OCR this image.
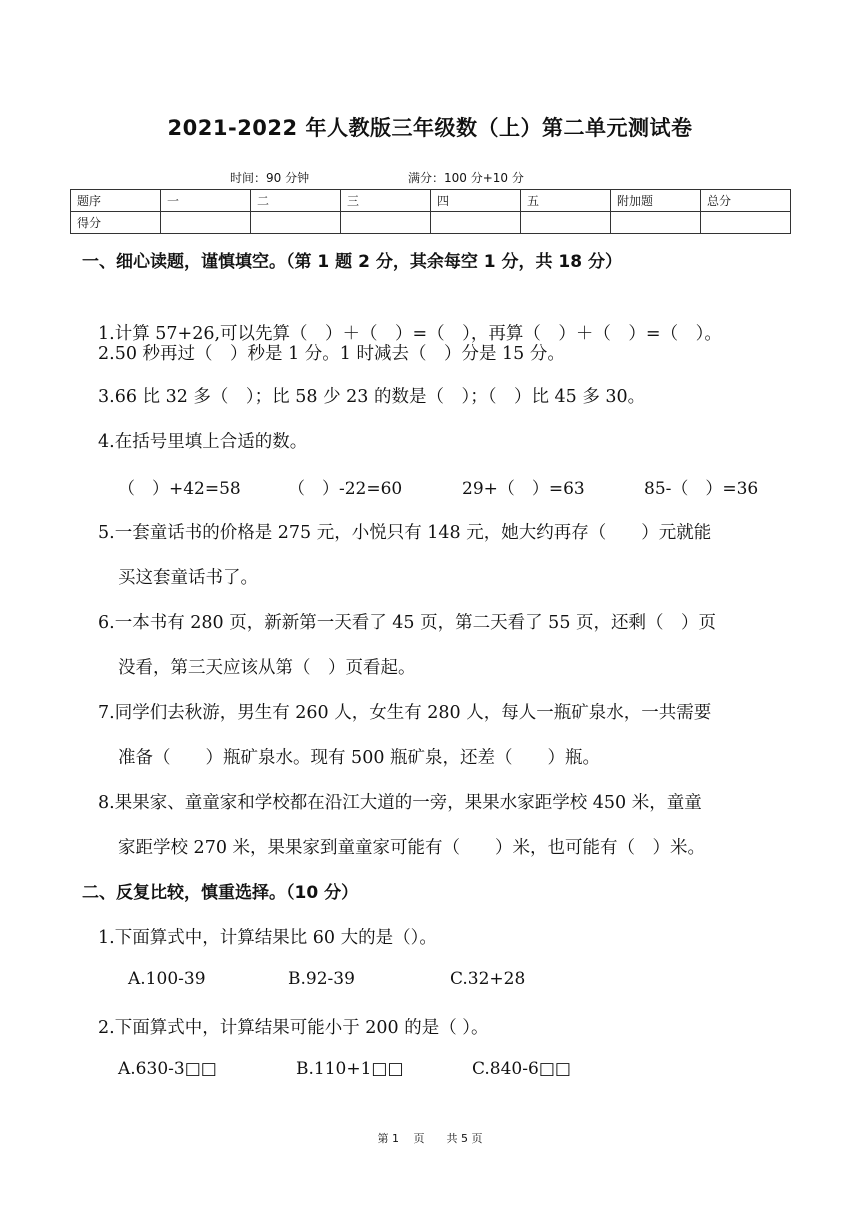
2021-2022 年人教版三年级数（上）第二单元测试卷
时间：90 分钟	满分：100 分+10 分
题序	一	二	三	四	五	附加题	总分
得分							
一、细心读题，谨慎填空。（第 1 题 2 分，其余每空 1 分，共 18 分）
1.计算 57+26,可以先算（　）＋（　）=（　），再算（　）＋（　）=（　）。
2.50 秒再过（　）秒是 1 分。1 时减去（　）分是 15 分。
3.66 比 32 多（　）；比 58 少 23 的数是（　）；（　）比 45 多 30。
4.在括号里填上合适的数。
（　）+42=58	（　）-22=60	29+（　）=63	85-（　）=36
5.一套童话书的价格是 275 元，小悦只有 148 元，她大约再存（　　）元就能
买这套童话书了。
6.一本书有 280 页，新新第一天看了 45 页，第二天看了 55 页，还剩（　）页
没看，第三天应该从第（　）页看起。
7.同学们去秋游，男生有 260 人，女生有 280 人，每人一瓶矿泉水，一共需要
准备（　　）瓶矿泉水。现有 500 瓶矿泉，还差（　　）瓶。
8.果果家、童童家和学校都在沿江大道的一旁，果果水家距学校 450 米，童童
家距学校 270 米，果果家到童童家可能有（　　）米，也可能有（　）米。
二、反复比较，慎重选择。（10 分）
1.下面算式中，计算结果比 60 大的是（）。
A.100-39	B.92-39	C.32+28
2.下面算式中，计算结果可能小于 200 的是（ ）。
A.630-3□□	B.110+1□□	C.840-6□□
第 1　 页　　共 5 页
